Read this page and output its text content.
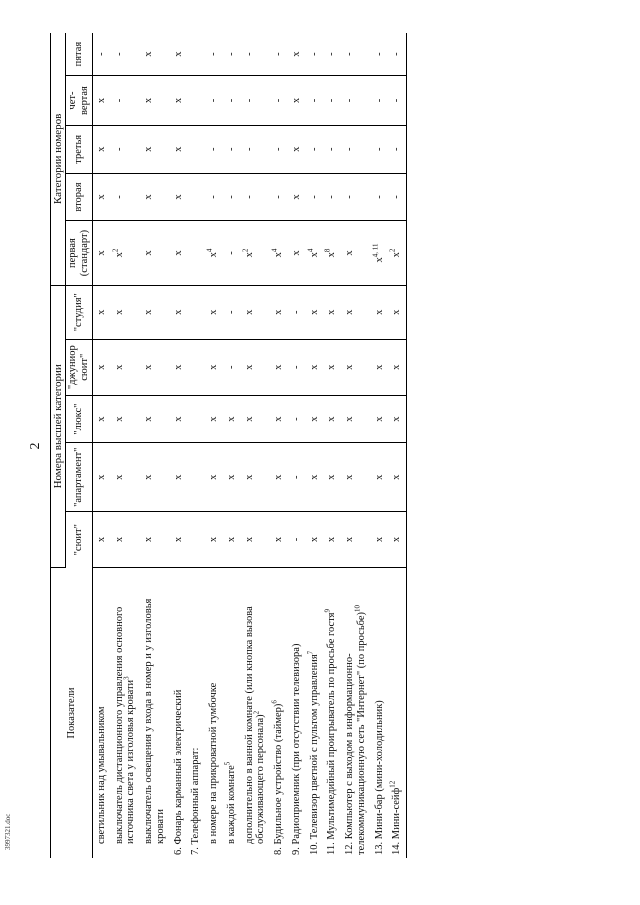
2
Показатели	Номера высшей категории					Категории номеров				
	"сюит"	"апартамент"	"люкс"	"джуниор сюит"	"студия"	первая (стандарт)	вторая	третья	чет-вертая	пятая
светильник над умывальником	х	х	х	х	х	х	х	х	х	-
выключатель дистанционного управления основного источника света у изголовья кровати$^3$	х	х	х	х	х	$х^2$	-	-	-	-
выключатель освещения у входа в номер и у изголовья кровати	х	х	х	х	х	х	х	х	х	х
6. Фонарь карманный электрический	х	х	х	х	х	х	х	х	х	х
7. Телефонный аппарат:										
в номере на прикроватной тумбочке	х	х	х	х	х	$х^4$	-	-	-	-
в каждой комнате$^5$	х	х	х	-	-	-	-	-	-	-
дополнительно в ванной комнате (или кнопка вызова обслуживающего персонала)$^2$	х	х	х	х	х	$х^2$	-	-	-	-
8. Будильное устройство (таймер)$^6$	х	х	х	х	х	$х^4$	-	-	-	-
9. Радиоприемник (при отсутствии телевизора)	-	-	-	-	-	х	х	х	х	х
10. Телевизор цветной с пультом управления$^7$	х	х	х	х	х	$х^4$	-	-	-	-
11. Мультимедийный проигрыватель по просьбе гостя$^9$	х	х	х	х	х	$х^8$	-	-	-	-
12. Компьютер с выходом в информационно-телекоммуникационную сеть "Интернет" (по просьбе)$^{10}$	х	х	х	х	х	х	-	-	-	-
13. Мини-бар (мини-холодильник)	х	х	х	х	х	$х^{4, 11}$	-	-	-	-
14. Мини-сейф$^{12}$	х	х	х	х	х	$х^2$	-	-	-	-
3997321.doc
